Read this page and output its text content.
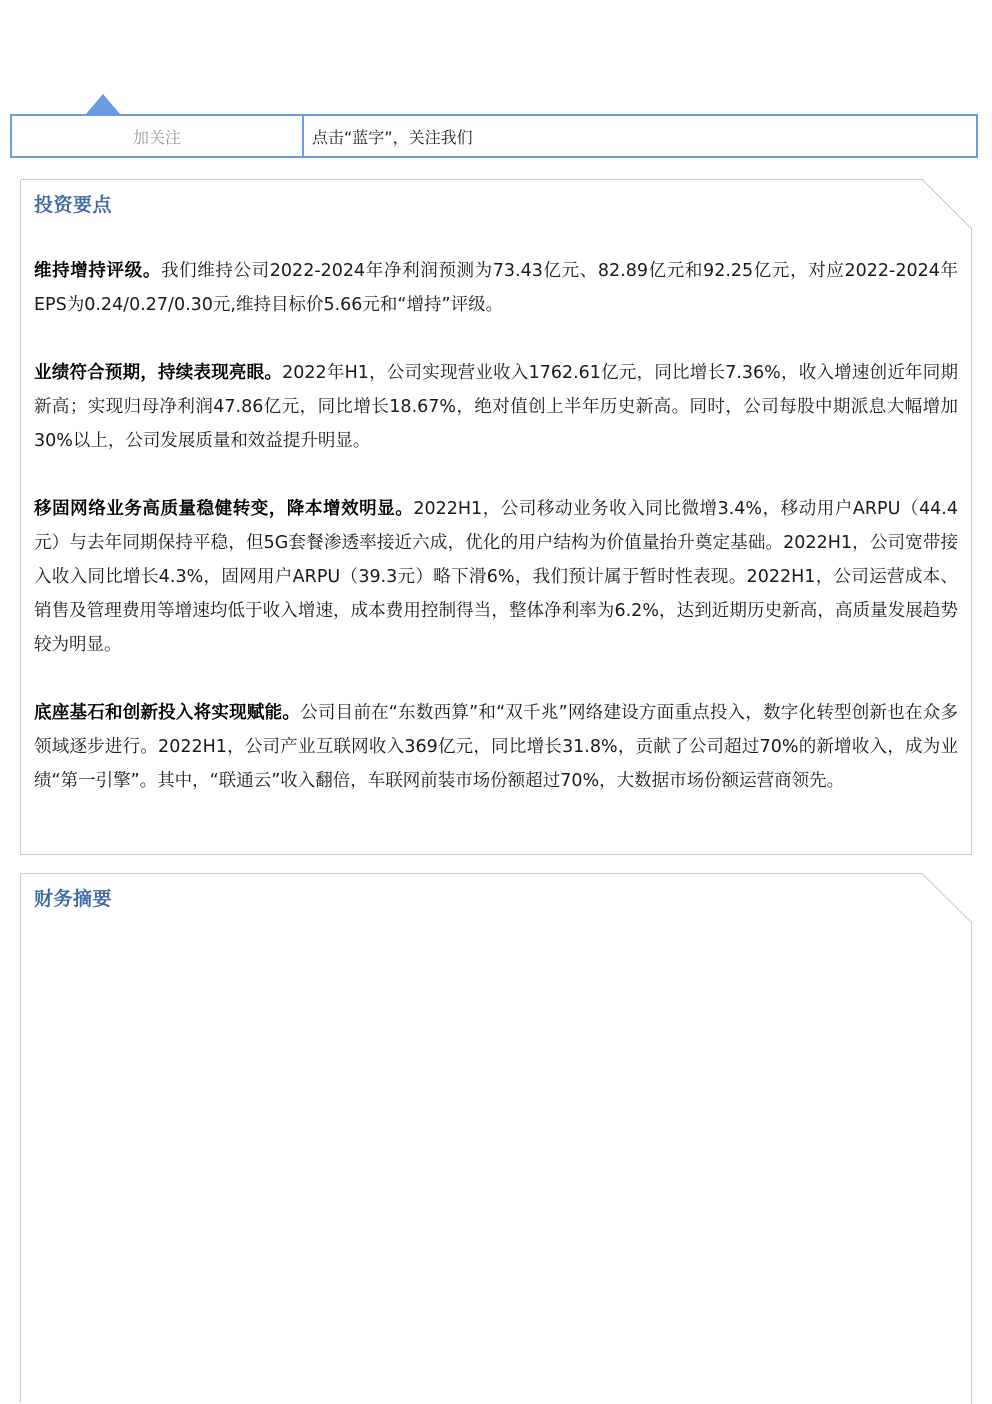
加关注	点击“蓝字”，关注我们
投资要点

维持增持评级。我们维持公司2022-2024年净利润预测为73.43亿元、82.89亿元和92.25亿元，对应2022-2024年EPS为0.24/0.27/0.30元,维持目标价5.66元和“增持”评级。

业绩符合预期，持续表现亮眼。2022年H1，公司实现营业收入1762.61亿元，同比增长7.36%，收入增速创近年同期新高；实现归母净利润47.86亿元，同比增长18.67%，绝对值创上半年历史新高。同时，公司每股中期派息大幅增加30%以上，公司发展质量和效益提升明显。

移固网络业务高质量稳健转变，降本增效明显。2022H1，公司移动业务收入同比微增3.4%，移动用户ARPU（44.4元）与去年同期保持平稳，但5G套餐渗透率接近六成，优化的用户结构为价值量抬升奠定基础。2022H1，公司宽带接入收入同比增长4.3%，固网用户ARPU（39.3元）略下滑6%，我们预计属于暂时性表现。2022H1，公司运营成本、销售及管理费用等增速均低于收入增速，成本费用控制得当，整体净利率为6.2%，达到近期历史新高，高质量发展趋势较为明显。

底座基石和创新投入将实现赋能。公司目前在“东数西算”和“双千兆”网络建设方面重点投入，数字化转型创新也在众多领域逐步进行。2022H1，公司产业互联网收入369亿元，同比增长31.8%，贡献了公司超过70%的新增收入，成为业绩“第一引擎”。其中，“联通云”收入翻倍，车联网前装市场份额超过70%，大数据市场份额运营商领先。

财务摘要
